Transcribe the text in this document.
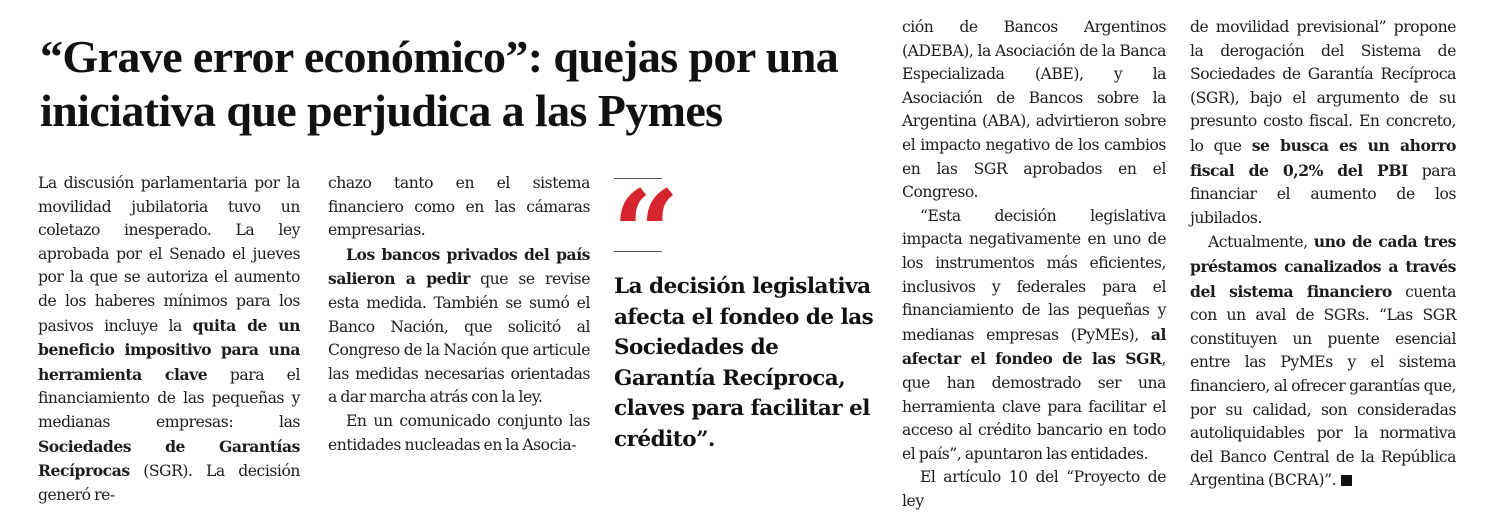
“Grave error económico”: quejas por una iniciativa que perjudica a las Pymes

La discusión parlamentaria por la movilidad jubilatoria tuvo un coletazo inesperado. La ley aprobada por el Senado el jueves por la que se autoriza el aumento de los haberes mínimos para los pasivos incluye la quita de un beneficio impositivo para una herramienta clave para el financiamiento de las pequeñas y medianas empresas: las Sociedades de Garantías Recíprocas (SGR). La decisión generó re-

chazo tanto en el sistema financiero como en las cámaras empresarias.

Los bancos privados del país salieron a pedir que se revise esta medida. También se sumó el Banco Nación, que solicitó al Congreso de la Nación que articule las medidas necesarias orientadas a dar marcha atrás con la ley.

En un comunicado conjunto las entidades nucleadas en la Asocia-

“
La decisión legislativa afecta el fondeo de las Sociedades de Garantía Recíproca, claves para facilitar el crédito”.

ción de Bancos Argentinos (ADEBA), la Asociación de la Banca Especializada (ABE), y la Asociación de Bancos sobre la Argentina (ABA), advirtieron sobre el impacto negativo de los cambios en las SGR aprobados en el Congreso.

“Esta decisión legislativa impacta negativamente en uno de los instrumentos más eficientes, inclusivos y federales para el financiamiento de las pequeñas y medianas empresas (PyMEs), al afectar el fondeo de las SGR, que han demostrado ser una herramienta clave para facilitar el acceso al crédito bancario en todo el país”, apuntaron las entidades.

El artículo 10 del “Proyecto de ley

de movilidad previsional” propone la derogación del Sistema de Sociedades de Garantía Recíproca (SGR), bajo el argumento de su presunto costo fiscal. En concreto, lo que se busca es un ahorro fiscal de 0,2% del PBI para financiar el aumento de los jubilados.

Actualmente, uno de cada tres préstamos canalizados a través del sistema financiero cuenta con un aval de SGRs. “Las SGR constituyen un puente esencial entre las PyMEs y el sistema financiero, al ofrecer garantías que, por su calidad, son consideradas autoliquidables por la normativa del Banco Central de la República Argentina (BCRA)”.
